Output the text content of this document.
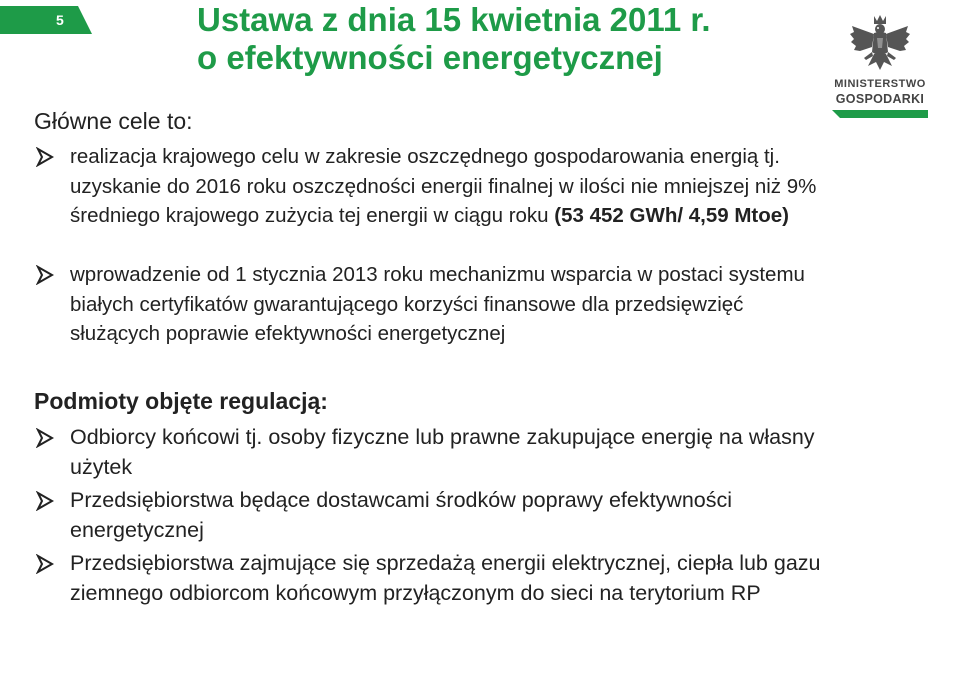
5	Ustawa z dnia 15 kwietnia 2011 r.
o efektywności energetycznej
MINISTERSTWO
GOSPODARKI
Główne cele to:
realizacja krajowego celu w zakresie oszczędnego gospodarowania energią tj. uzyskanie do 2016 roku oszczędności energii finalnej w ilości nie mniejszej niż 9% średniego krajowego zużycia tej energii w ciągu roku (53 452 GWh/ 4,59 Mtoe)
wprowadzenie od 1 stycznia 2013 roku mechanizmu wsparcia w postaci systemu białych certyfikatów gwarantującego korzyści finansowe dla przedsięwzięć służących poprawie efektywności energetycznej
Podmioty objęte regulacją:
Odbiorcy końcowi tj. osoby fizyczne lub prawne zakupujące energię na własny użytek
Przedsiębiorstwa będące dostawcami środków poprawy efektywności energetycznej
Przedsiębiorstwa zajmujące się sprzedażą energii elektrycznej, ciepła lub gazu ziemnego odbiorcom końcowym przyłączonym do sieci na terytorium RP
